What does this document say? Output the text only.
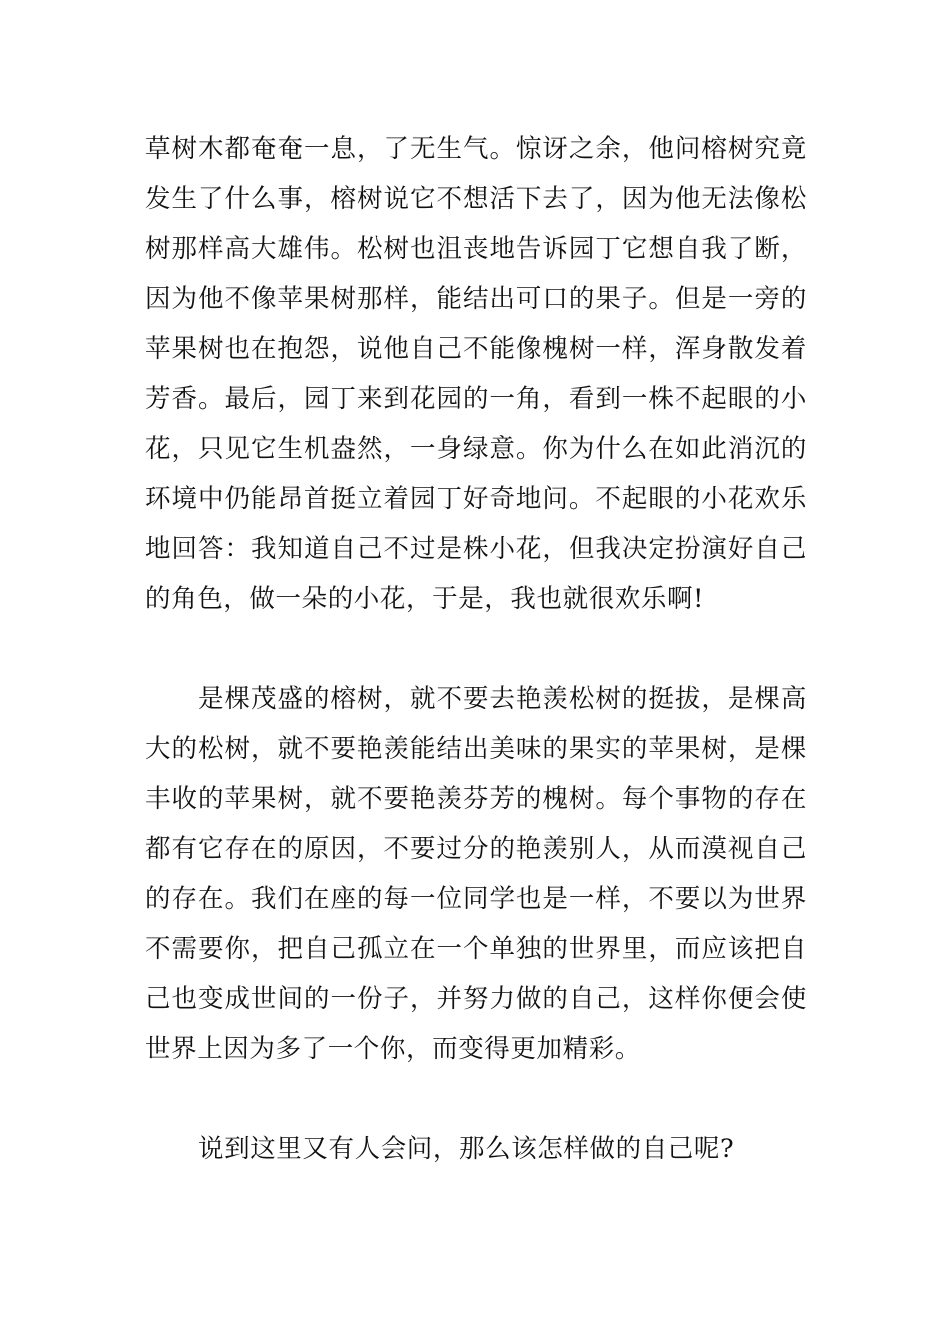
草树木都奄奄一息，了无生气。惊讶之余，他问榕树究竟发生了什么事，榕树说它不想活下去了，因为他无法像松树那样高大雄伟。松树也沮丧地告诉园丁它想自我了断，因为他不像苹果树那样，能结出可口的果子。但是一旁的苹果树也在抱怨，说他自己不能像槐树一样，浑身散发着芳香。最后，园丁来到花园的一角，看到一株不起眼的小花，只见它生机盎然，一身绿意。你为什么在如此消沉的环境中仍能昂首挺立着园丁好奇地问。不起眼的小花欢乐地回答：我知道自己不过是株小花，但我决定扮演好自己的角色，做一朵的小花，于是，我也就很欢乐啊!

是棵茂盛的榕树，就不要去艳羡松树的挺拔，是棵高大的松树，就不要艳羡能结出美味的果实的苹果树，是棵丰收的苹果树，就不要艳羡芬芳的槐树。每个事物的存在都有它存在的原因，不要过分的艳羡别人，从而漠视自己的存在。我们在座的每一位同学也是一样，不要以为世界不需要你，把自己孤立在一个单独的世界里，而应该把自己也变成世间的一份子，并努力做的自己，这样你便会使世界上因为多了一个你，而变得更加精彩。

说到这里又有人会问，那么该怎样做的自己呢?
